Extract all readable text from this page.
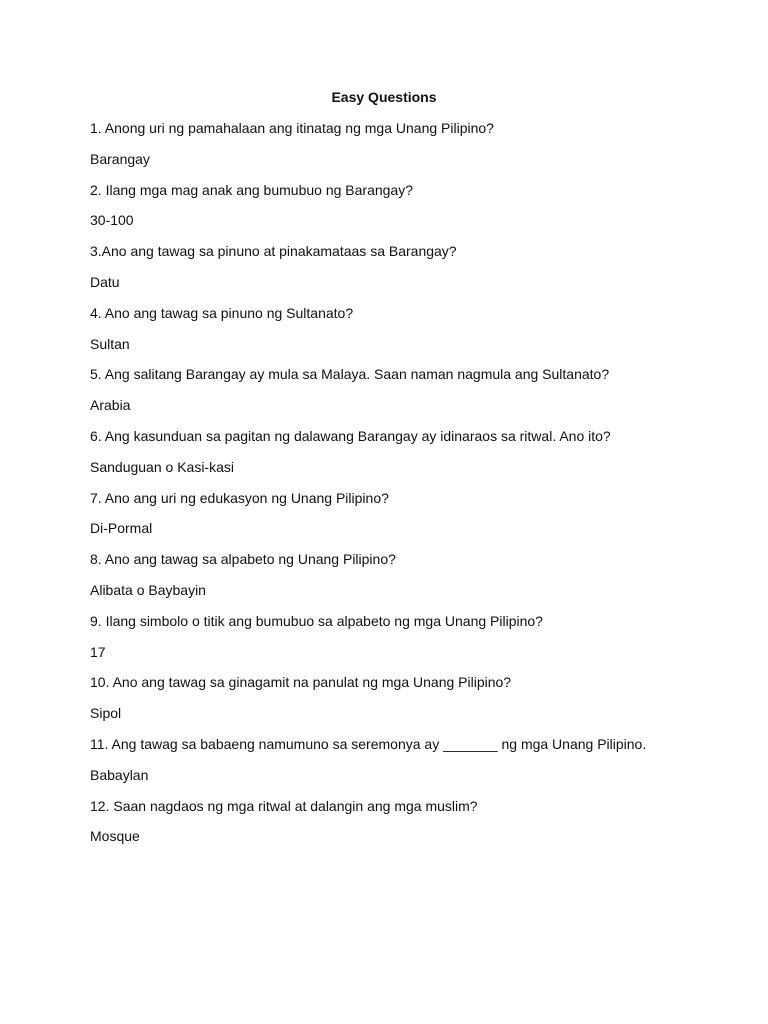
Easy Questions
1. Anong uri ng pamahalaan ang itinatag ng mga Unang Pilipino?
Barangay
2. Ilang mga mag anak ang bumubuo ng Barangay?
30-100
3.Ano ang tawag sa pinuno at pinakamataas sa Barangay?
Datu
4. Ano ang tawag sa pinuno ng Sultanato?
Sultan
5. Ang salitang Barangay ay mula sa Malaya. Saan naman nagmula ang Sultanato?
Arabia
6. Ang kasunduan sa pagitan ng dalawang Barangay ay idinaraos sa ritwal. Ano ito?
Sanduguan o Kasi-kasi
7. Ano ang uri ng edukasyon ng Unang Pilipino?
Di-Pormal
8. Ano ang tawag sa alpabeto ng Unang Pilipino?
Alibata o Baybayin
9. Ilang simbolo o titik ang bumubuo sa alpabeto ng mga Unang Pilipino?
17
10. Ano ang tawag sa ginagamit na panulat ng mga Unang Pilipino?
Sipol
11. Ang tawag sa babaeng namumuno sa seremonya ay _______ ng mga Unang Pilipino.
Babaylan
12. Saan nagdaos ng mga ritwal at dalangin ang mga muslim?
Mosque
